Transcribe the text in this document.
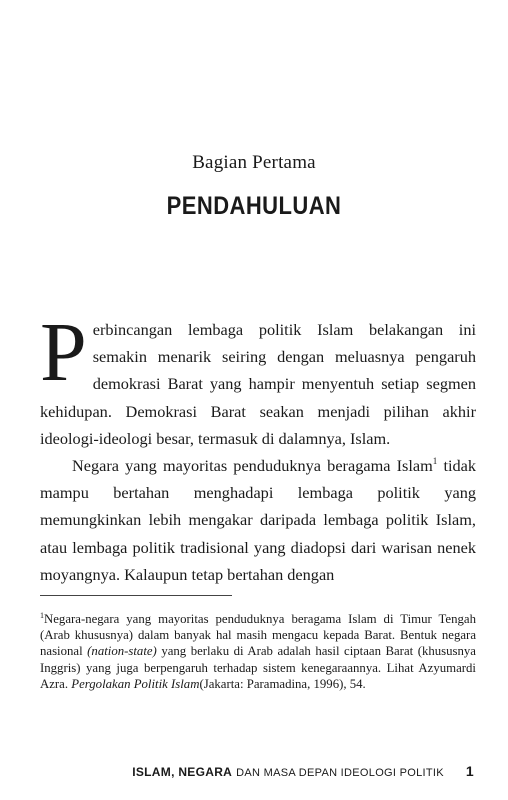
Bagian Pertama
PENDAHULUAN

Perbincangan lembaga politik Islam belakangan ini semakin menarik seiring dengan meluasnya pengaruh demokrasi Barat yang hampir menyentuh setiap segmen kehidupan. Demokrasi Barat seakan menjadi pilihan akhir ideologi-ideologi besar, termasuk di dalamnya, Islam.

Negara yang mayoritas penduduknya beragama Islam$^1$ tidak mampu bertahan menghadapi lembaga politik yang memungkinkan lebih mengakar daripada lembaga politik Islam, atau lembaga politik tradisional yang diadopsi dari warisan nenek moyangnya. Kalaupun tetap bertahan dengan

$^1$Negara-negara yang mayoritas penduduknya beragama Islam di Timur Tengah (Arab khususnya) dalam banyak hal masih mengacu kepada Barat. Bentuk negara nasional (nation-state) yang berlaku di Arab adalah hasil ciptaan Barat (khususnya Inggris) yang juga berpengaruh terhadap sistem kenegaraannya. Lihat Azyumardi Azra. Pergolakan Politik Islam(Jakarta: Paramadina, 1996), 54.
ISLAM, NEGARA DAN MASA DEPAN IDEOLOGI POLITIK 1
